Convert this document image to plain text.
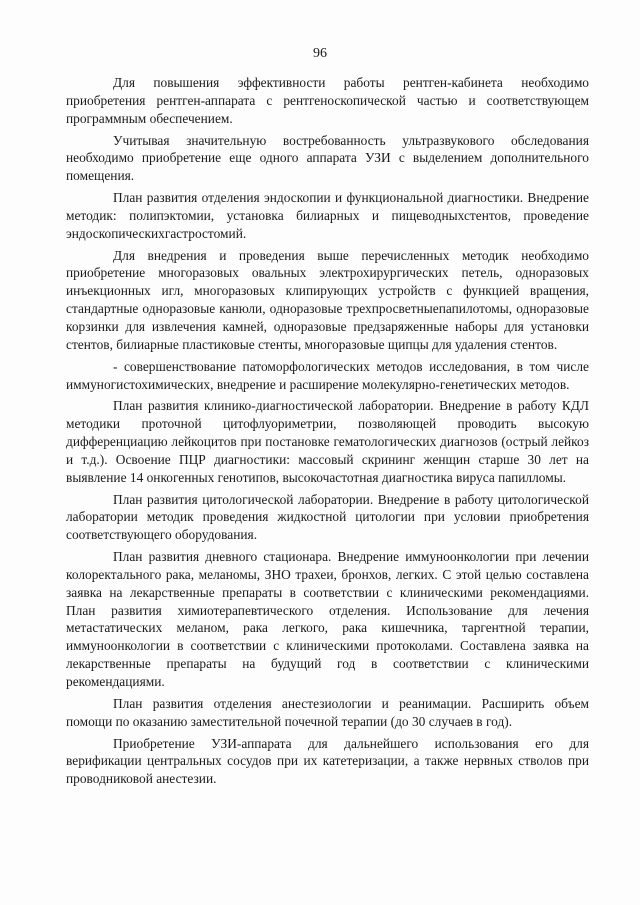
96

Для повышения эффективности работы рентген-кабинета необходимо приобретения рентген-аппарата с рентгеноскопической частью и соответствующем программным обеспечением.

Учитывая значительную востребованность ультразвукового обследования необходимо приобретение еще одного аппарата УЗИ с выделением дополнительного помещения.

План развития отделения эндоскопии и функциональной диагностики. Внедрение методик: полипэктомии, установка билиарных и пищеводныхстентов, проведение эндоскопическихгастростомий.

Для внедрения и проведения выше перечисленных методик необходимо приобретение многоразовых овальных электрохирургических петель, одноразовых инъекционных игл, многоразовых клипирующих устройств с функцией вращения, стандартные одноразовые канюли, одноразовые трехпросветныепапилотомы, одноразовые корзинки для извлечения камней, одноразовые предзаряженные наборы для установки стентов, билиарные пластиковые стенты, многоразовые щипцы для удаления стентов.

- совершенствование патоморфологических методов исследования, в том числе иммуногистохимических, внедрение и расширение молекулярно-генетических методов.

План развития клинико-диагностической лаборатории. Внедрение в работу КДЛ методики проточной цитофлуориметрии, позволяющей проводить высокую дифференциацию лейкоцитов при постановке гематологических диагнозов (острый лейкоз и т.д.). Освоение ПЦР диагностики: массовый скрининг женщин старше 30 лет на выявление 14 онкогенных генотипов, высокочастотная диагностика вируса папилломы.

План развития цитологической лаборатории. Внедрение в работу цитологической лаборатории методик проведения жидкостной цитологии при условии приобретения соответствующего оборудования.

План развития дневного стационара. Внедрение иммуноонкологии при лечении колоректального рака, меланомы, ЗНО трахеи, бронхов, легких. С этой целью составлена заявка на лекарственные препараты в соответствии с клиническими рекомендациями. План развития химиотерапевтического отделения. Использование для лечения метастатических меланом, рака легкого, рака кишечника, таргентной терапии, иммуноонкологии в соответствии с клиническими протоколами. Составлена заявка на лекарственные препараты на будущий год в соответствии с клиническими рекомендациями.

План развития отделения анестезиологии и реанимации. Расширить объем помощи по оказанию заместительной почечной терапии (до 30 случаев в год).

Приобретение УЗИ-аппарата для дальнейшего использования его для верификации центральных сосудов при их катетеризации, а также нервных стволов при проводниковой анестезии.
